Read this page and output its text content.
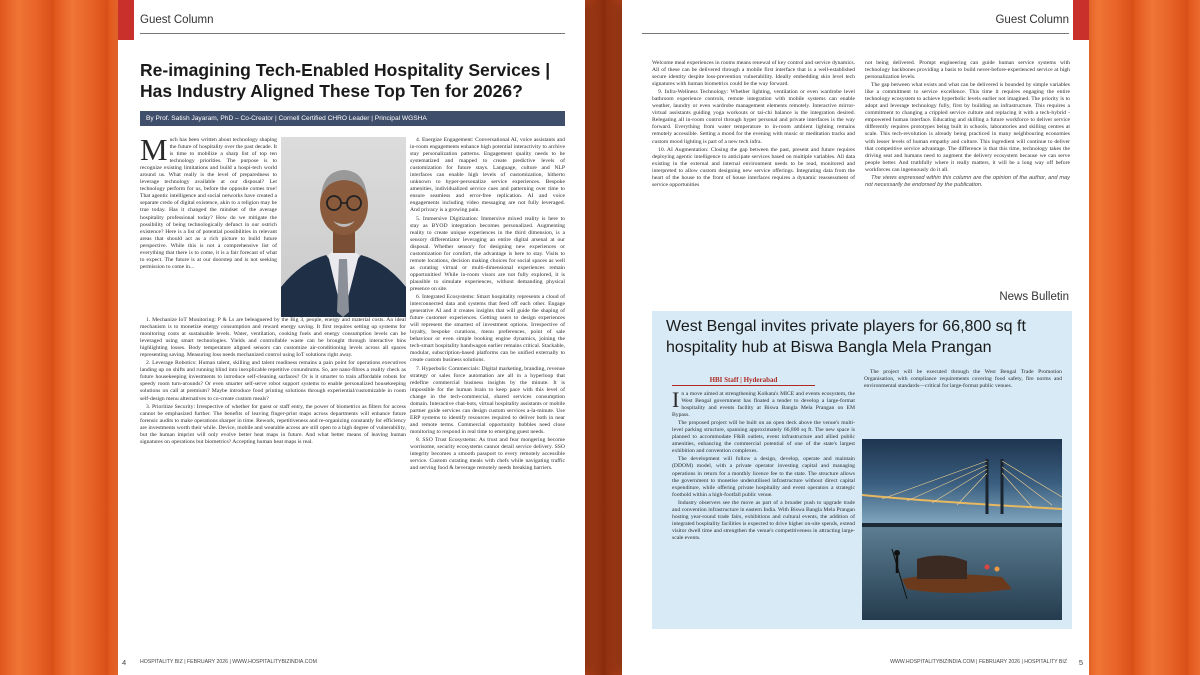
Guest Column
Re-imagining Tech-Enabled Hospitality Services | Has Industry Aligned These Top Ten for 2026?
By Prof. Satish Jayaram, PhD – Co-Creator | Cornell Certified CHRO Leader | Principal WGSHA

Much has been written about technology shaping the future of hospitality over the past decade. It is time to mobilize a sharp list of top ten technology priorities. The purpose is to recognize existing limitations and build a hospi-tech world around us. What really is the level of preparedness to leverage technology available at our disposal? Let technology perform for us, before the opposite comes true! That agentic intelligence and social networks have created a separate credo of digital existence, akin to a religion may be true today. Has it changed the mindset of the average hospitality professional today? How do we mitigate the possibility of being technologically defunct in our ostrich existence? Here is a list of potential possibilities in relevant areas that should act as a rich picture to build future perspective. While this is not a comprehensive list of everything that there is to come, it is a fair forecast of what to expect. The future is at our doorstep and is not seeking permission to come in...

1. Mechanize IoT Monitoring: P & Ls are beleaguered by the Big 3, people, energy and material costs. An ideal mechanism is to monetize energy consumption and reward energy saving. It first requires setting up systems for monitoring costs at sustainable levels. Water, ventilation, cooking fuels and energy consumption levels can be leveraged using smart technologies. Yields and controllable waste can be brought through interactive bins highlighting losses. Body temperature aligned sensors can customize air-conditioning levels across all spaces representing saving. Measuring loss needs mechanized control using IoT solutions right away.

2. Leverage Robotics: Human talent, skilling and talent readiness remains a pain point for operations executives landing up on shifts and running blind into inexplicable repetitive conundrums. So, are nano-fibres a reality check as future housekeeping investments to introduce self-cleaning surfaces? Or is it smarter to train affordable robots for speedy room turn-arounds? Or even smarter self-serve robot support systems to enable personalized housekeeping solutions on call at premium? Maybe introduce food printing solutions through experiential/customizable in room self-design menu alternatives to co-create custom meals?

3. Prioritize Security: Irrespective of whether for guest or staff entry, the power of biometrics as filters for access cannot be emphasized further. The benefits of leaving finger-print maps across departments will enhance future forensic audits to make operations sharper in time. Rework, repetitiveness and re-organizing constantly for efficiency are investments worth their while. Device, mobile and wearable access are still open to a high degree of vulnerability, but the human imprint will only evolve better heat maps in future. And what better means of leaving human signatures on operations but biometrics? Accepting human heat maps is real.

4. Energize Engagement: Conversational AI, voice assistants and in-room engagements enhance high potential interactivity to archive stay personalization patterns. Engagement quality needs to be systematized and mapped to create predictive levels of customization for future stays. Language, culture and NLP interfaces can enable high levels of customization, hitherto unknown to hyper-personalize service experiences. Bespoke amenities, individualized service cues and patterning over time to ensure seamless and error-free replication. AI and voice engagements including video messaging are not fully leveraged. And privacy is a growing pain.

5. Immersive Digitization: Immersive mixed reality is here to stay as BYOD integration becomes personalized. Augmenting reality to create unique experiences in the third dimension, is a sensory differentiator leveraging an entire digital arsenal at our disposal. Whether sensory for designing new experiences or customization for comfort, the advantage is here to stay. Visits to remote locations, decision making choices for social spaces as well as curating virtual or multi-dimensional experiences remain opportunities! While in-room visors are not fully explored, it is plausible to simulate experiences, without demanding physical presence on site.

6. Integrated Ecosystems: Smart hospitality represents a cloud of interconnected data and systems that feed off each other. Engage generative AI and it creates insights that will guide the shaping of future customer experiences. Getting users to design experiences will represent the smartest of investment options. Irrespective of loyalty, bespoke curations, menu preferences, point of sale behaviour or even simple booking engine dynamics, joining the tech-smart hospitality bandwagon earlier remains critical. Stackable, modular, subscription-based platforms can be unified externally to create custom business solutions.

7. Hyperbolic Commercials: Digital marketing, branding, revenue strategy or sales force automation are all in a hyperloop that redefine commercial business insights by the minute. It is impossible for the human brain to keep pace with this level of change in the tech-commercial, shared services consumption domain. Interactive chat-bots, virtual hospitality assistants or mobile partner guide services can design custom services a-la-minute. Use ERP systems to identify resources required to deliver both in near and remote terms. Commercial opportunity bubbles need close monitoring to respond in real time to emerging guest needs.

8. SSO Trust Ecosystems: As trust and fear mongering become worrisome, security ecosystems cannot derail service delivery. SSO integrity becomes a smooth passport to every remotely accessible service. Custom curating meals with chefs while navigating traffic and serving food & beverage remotely needs breaking barriers.

4	HOSPITALITY BIZ | FEBRUARY 2026 | WWW.HOSPITALITYBIZINDIA.COM
Guest Column

Welcome meal experiences in rooms means renewal of key control and service dynamics. All of these can be delivered through a mobile first interface that is a well-established secure identity despite loss-prevention vulnerability. Ideally embedding skin level tech signatures with human biometrics could be the way forward.

9. Infra-Wellness Technology: Whether lighting, ventilation or even wardrobe level bathroom experience controls, remote integration with mobile systems can enable weather, laundry or even wardrobe management elements remotely. Interactive mirror-virtual assistants guiding yoga workouts or tai-chi balance is the integration desired. Relegating all in-room control through hyper personal and private interfaces is the way forward. Everything from water temperature to in-room ambient lighting remains remotely accessible. Setting a mood for the evening with music or meditation tracks and custom mood lighting is part of a new tech infra.

10. AI Augmentation: Closing the gap between the past, present and future requires deploying agentic intelligence to anticipate services based on multiple variables. All data existing in the external and internal environment needs to be read, monitored and interpreted to allow custom designing new service offerings. Integrating data from the heart of the house to the front of house interfaces requires a dynamic reassessment of service opportunities

not being delivered. Prompt engineering can guide human service systems with technology backbones providing a basis to build never-before-experienced service at high personalization levels.

The gap between what exists and what can be delivered is bounded by simple variables like a commitment to service excellence. This time it requires engaging the entire technology ecosystem to achieve hyperbolic levels earlier not imagined. The priority is to adopt and leverage technology fully, first by building an infrastructure. This requires a commitment to changing a crippled service culture and replacing it with a tech-hybrid - empowered human interface. Educating and skilling a future workforce to deliver service differently requires prototypes being built in schools, laboratories and skilling centres at scale. This tech-revolution is already being practiced in many neighbouring economies with lesser levels of human empathy and culture. This ingredient will continue to deliver that competitive service advantage. The difference is that this time, technology takes the driving seat and humans need to augment the delivery ecosystem because we can serve people better. And truthfully where it really matters, it will be a long way off before workforces can ingenuously do it all.

The views expressed within this column are the opinion of the author, and may not necessarily be endorsed by the publication.

News Bulletin
West Bengal invites private players for 66,800 sq ft hospitality hub at Biswa Bangla Mela Prangan
HBI Staff | Hyderabad

In a move aimed at strengthening Kolkata's MICE and events ecosystem, the West Bengal government has floated a tender to develop a large-format hospitality and events facility at Biswa Bangla Mela Prangan on EM Bypass.

The proposed project will be built on an open deck above the venue's multi-level parking structure, spanning approximately 66,800 sq ft. The new space is planned to accommodate F&B outlets, event infrastructure and allied public amenities, enhancing the commercial potential of one of the state's largest exhibition and convention complexes.

The development will follow a design, develop, operate and maintain (DDOM) model, with a private operator investing capital and managing operations in return for a monthly licence fee to the state. The structure allows the government to monetise underutilised infrastructure without direct capital expenditure, while offering private hospitality and event operators a strategic foothold within a high-footfall public venue.

Industry observers see the move as part of a broader push to upgrade trade and convention infrastructure in eastern India. With Biswa Bangla Mela Prangan hosting year-round trade fairs, exhibitions and cultural events, the addition of integrated hospitality facilities is expected to drive higher on-site spends, extend visitor dwell time and strengthen the venue's competitiveness in attracting large-scale events.

The project will be executed through the West Bengal Trade Promotion Organisation, with compliance requirements covering food safety, fire norms and environmental standards—critical for large-format public venues.

WWW.HOSPITALITYBIZINDIA.COM | FEBRUARY 2026 | HOSPITALITY BIZ 5
